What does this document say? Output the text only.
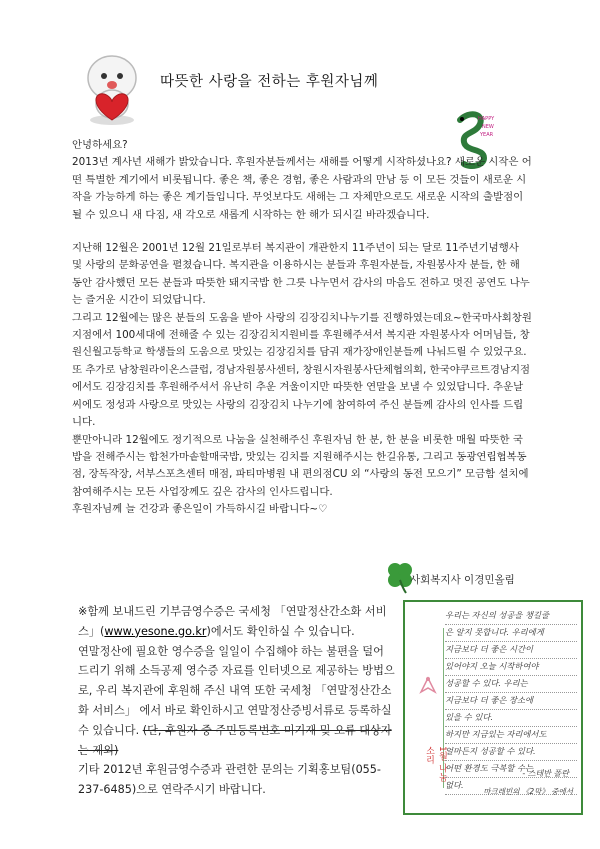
따뜻한 사랑을 전하는 후원자님께
HAPPY
NEW
YEAR

안녕하세요?

2013년 계사년 새해가 밝았습니다. 후원자분들께서는 새해를 어떻게 시작하셨나요? 새로운 시작은 어떤 특별한 계기에서 비롯됩니다. 좋은 책, 좋은 경험, 좋은 사람과의 만남 등 이 모든 것들이 새로운 시작을 가능하게 하는 좋은 계기들입니다. 무엇보다도 새해는 그 자체만으로도 새로운 시작의 출발점이 될 수 있으니 새 다짐, 새 각오로 새롭게 시작하는 한 해가 되시길 바라겠습니다.

지난해 12월은 2001년 12월 21일로부터 복지관이 개관한지 11주년이 되는 달로 11주년기념행사 및 사랑의 문화공연을 펼쳤습니다. 복지관을 이용하시는 분들과 후원자분들, 자원봉사자 분들, 한 해 동안 감사했던 모든 분들과 따뜻한 돼지국밥 한 그릇 나누면서 감사의 마음도 전하고 멋진 공연도 나누는 즐거운 시간이 되었답니다.

그리고 12월에는 많은 분들의 도움을 받아 사랑의 김장김치나누기를 진행하였는데요~한국마사회창원지점에서 100세대에 전해줄 수 있는 김장김치지원비를 후원해주셔서 복지관 자원봉사자 어머님들, 창원신월고등학교 학생들의 도움으로 맛있는 김장김치를 담궈 재가장애인분들께 나눠드릴 수 있었구요. 또 추가로 남창원라이온스클럽, 경남자원봉사센터, 창원시자원봉사단체협의회, 한국야쿠르트경남지점에서도 김장김치를 후원해주셔서 유난히 추운 겨울이지만 따뜻한 연말을 보낼 수 있었답니다. 추운날씨에도 정성과 사랑으로 맛있는 사랑의 김장김치 나누기에 참여하여 주신 분들께 감사의 인사를 드립니다.

뿐만아니라 12월에도 정기적으로 나눔을 실천해주신 후원자님 한 분, 한 분을 비롯한 매월 따뜻한 국밥을 전해주시는 합천가마솥할매국밥, 맛있는 김치를 지원해주시는 한길유통, 그리고 동광연립협복동점, 장독작장, 서부스포츠센터 매점, 파티마병원 내 편의점CU 외 “사랑의 동전 모으기” 모금함 설치에 참여해주시는 모든 사업장께도 깊은 감사의 인사드립니다.

후원자님께 늘 건강과 좋은일이 가득하시길 바랍니다~♡

사회복지사 이경민올림

※함께 보내드린 기부금영수증은 국세청 「연말정산간소화 서비스」(www.yesone.go.kr)에서도 확인하실 수 있습니다.

연말정산에 필요한 영수증을 일일이 수집해야 하는 불편을 덜어 드리기 위해 소득공제 영수증 자료를 인터넷으로 제공하는 방법으로, 우리 복지관에 후원해 주신 내역 또한 국세청 「연말정산간소화 서비스」 에서 바로 확인하시고 연말정산증빙서류로 등록하실 수 있습니다. (단, 후원자 중 주민등록번호 미기재 및 오류 대상자는 제외)

기타 2012년 후원금영수증과 관련한 문의는 기획홍보팀(055-237-6485)으로 연락주시기 바랍니다.

1월 나눔소리
우리는 자신의 성공을 챙길줄
은 알지 못합니다. 우리에게
지금보다 더 좋은 시간이
있어야지 오늘 시작하여야
성공할 수 있다. 우리는
지금보다 더 좋은 장소에
있을 수 있다.
하지만 지금있는 자리에서도
얼마든지 성공할 수 있다.
어떤 환경도 극복할 수는
없다.
- 스테반 폴란
마크레빈의 《2막》 중에서
